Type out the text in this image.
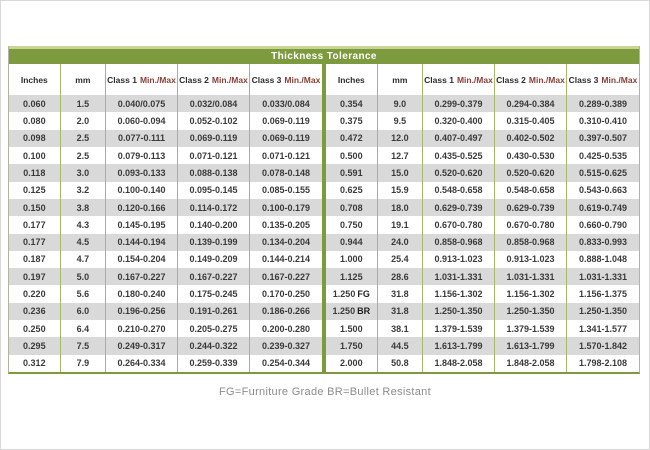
Thickness Tolerance
Inches	mm Class 1 Min./Max Class 2 Min./Max Class 3 Min./Max
0.060	1.5	0.040/0.075	0.032/0.084	0.033/0.084
0.080	2.0	0.060-0.094	0.052-0.102	0.069-0.119
0.098	2.5	0.077-0.111	0.069-0.119	0.069-0.119
0.100	2.5	0.079-0.113	0.071-0.121	0.071-0.121
0.118	3.0	0.093-0.133	0.088-0.138	0.078-0.148
0.125	3.2	0.100-0.140	0.095-0.145	0.085-0.155
0.150	3.8	0.120-0.166	0.114-0.172	0.100-0.179
0.177	4.3	0.145-0.195	0.140-0.200	0.135-0.205
0.177	4.5	0.144-0.194	0.139-0.199	0.134-0.204
0.187	4.7	0.154-0.204	0.149-0.209	0.144-0.214
0.197	5.0	0.167-0.227	0.167-0.227	0.167-0.227
0.220	5.6	0.180-0.240	0.175-0.245	0.170-0.250
0.236	6.0	0.196-0.256	0.191-0.261	0.186-0.266
0.250	6.4	0.210-0.270	0.205-0.275	0.200-0.280
0.295	7.5	0.249-0.317	0.244-0.322	0.239-0.327
0.312	7.9	0.264-0.334	0.259-0.339	0.254-0.344
Inches	mm Class 1 Min./Max Class 2 Min./Max Class 3 Min./Max
0.354	9.0	0.299-0.379	0.294-0.384	0.289-0.389
0.375	9.5	0.320-0.400	0.315-0.405	0.310-0.410
0.472	12.0	0.407-0.497	0.402-0.502	0.397-0.507
0.500	12.7	0.435-0.525	0.430-0.530	0.425-0.535
0.591	15.0	0.520-0.620	0.520-0.620	0.515-0.625
0.625	15.9	0.548-0.658	0.548-0.658	0.543-0.663
0.708	18.0	0.629-0.739	0.629-0.739	0.619-0.749
0.750	19.1	0.670-0.780	0.670-0.780	0.660-0.790
0.944	24.0	0.858-0.968	0.858-0.968	0.833-0.993
1.000	25.4	0.913-1.023	0.913-1.023	0.888-1.048
1.125	28.6	1.031-1.331	1.031-1.331	1.031-1.331
1.250 FG	31.8	1.156-1.302	1.156-1.302	1.156-1.375
1.250 BR	31.8	1.250-1.350	1.250-1.350	1.250-1.350
1.500	38.1	1.379-1.539	1.379-1.539	1.341-1.577
1.750	44.5	1.613-1.799	1.613-1.799	1.570-1.842
2.000	50.8	1.848-2.058	1.848-2.058	1.798-2.108
FG=Furniture Grade BR=Bullet Resistant
